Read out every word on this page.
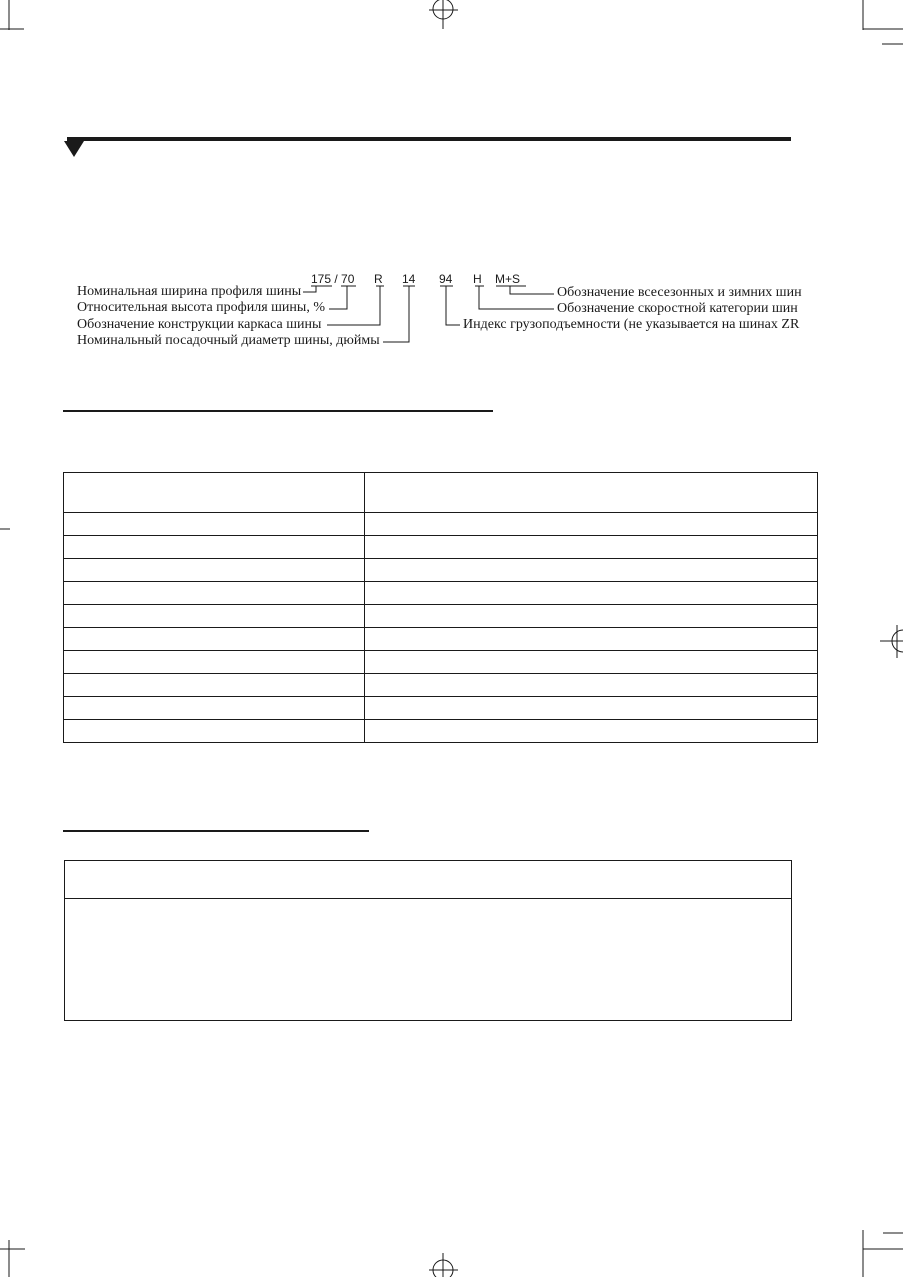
175 / 70 R 14 94 H M+S
Номинальная ширина профиля шины
Относительная высота профиля шины, %
Обозначение конструкции каркаса шины
Номинальный посадочный диаметр шины, дюймы
Обозначение всесезонных и зимних шин
Обозначение скоростной категории шин
Индекс грузоподъемности (не указывается на шинах ZR
